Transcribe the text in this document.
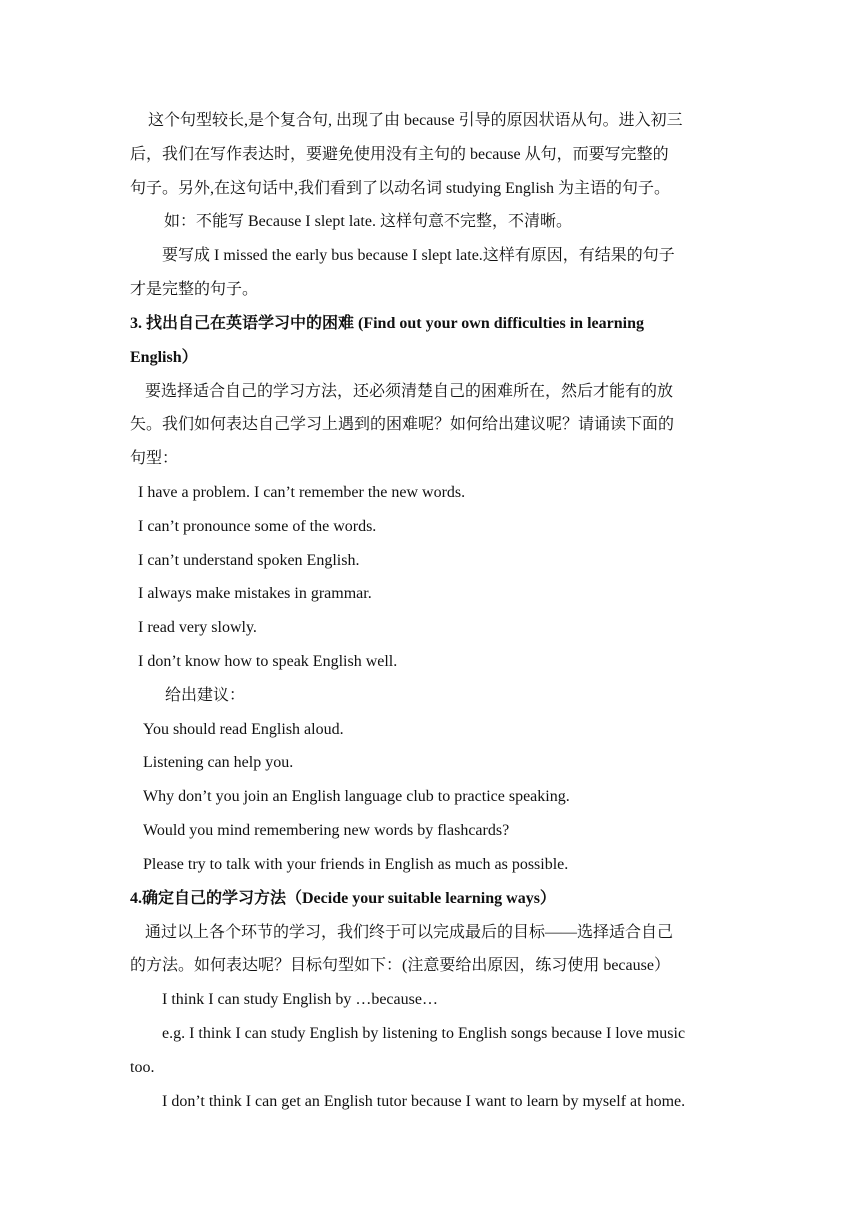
这个句型较长,是个复合句, 出现了由 because 引导的原因状语从句。进入初三
后，我们在写作表达时，要避免使用没有主句的 because 从句，而要写完整的
句子。另外,在这句话中,我们看到了以动名词 studying English 为主语的句子。
如：不能写 Because I slept late. 这样句意不完整，不清晰。
要写成 I missed the early bus because I slept late.这样有原因，有结果的句子
才是完整的句子。
3. 找出自己在英语学习中的困难 (Find out your own difficulties in learning
English）
要选择适合自己的学习方法，还必须清楚自己的困难所在，然后才能有的放
矢。我们如何表达自己学习上遇到的困难呢？如何给出建议呢？请诵读下面的
句型：
I have a problem. I can’t remember the new words.
I can’t pronounce some of the words.
I can’t understand spoken English.
I always make mistakes in grammar.
I read very slowly.
I don’t know how to speak English well.
给出建议：
You should read English aloud.
Listening can help you.
Why don’t you join an English language club to practice speaking.
Would you mind remembering new words by flashcards?
Please try to talk with your friends in English as much as possible.
4.确定自己的学习方法（Decide your suitable learning ways）
通过以上各个环节的学习，我们终于可以完成最后的目标——选择适合自己
的方法。如何表达呢？目标句型如下：(注意要给出原因，练习使用 because）
I think I can study English by …because…
e.g. I think I can study English by listening to English songs because I love music
too.
I don’t think I can get an English tutor because I want to learn by myself at home.
